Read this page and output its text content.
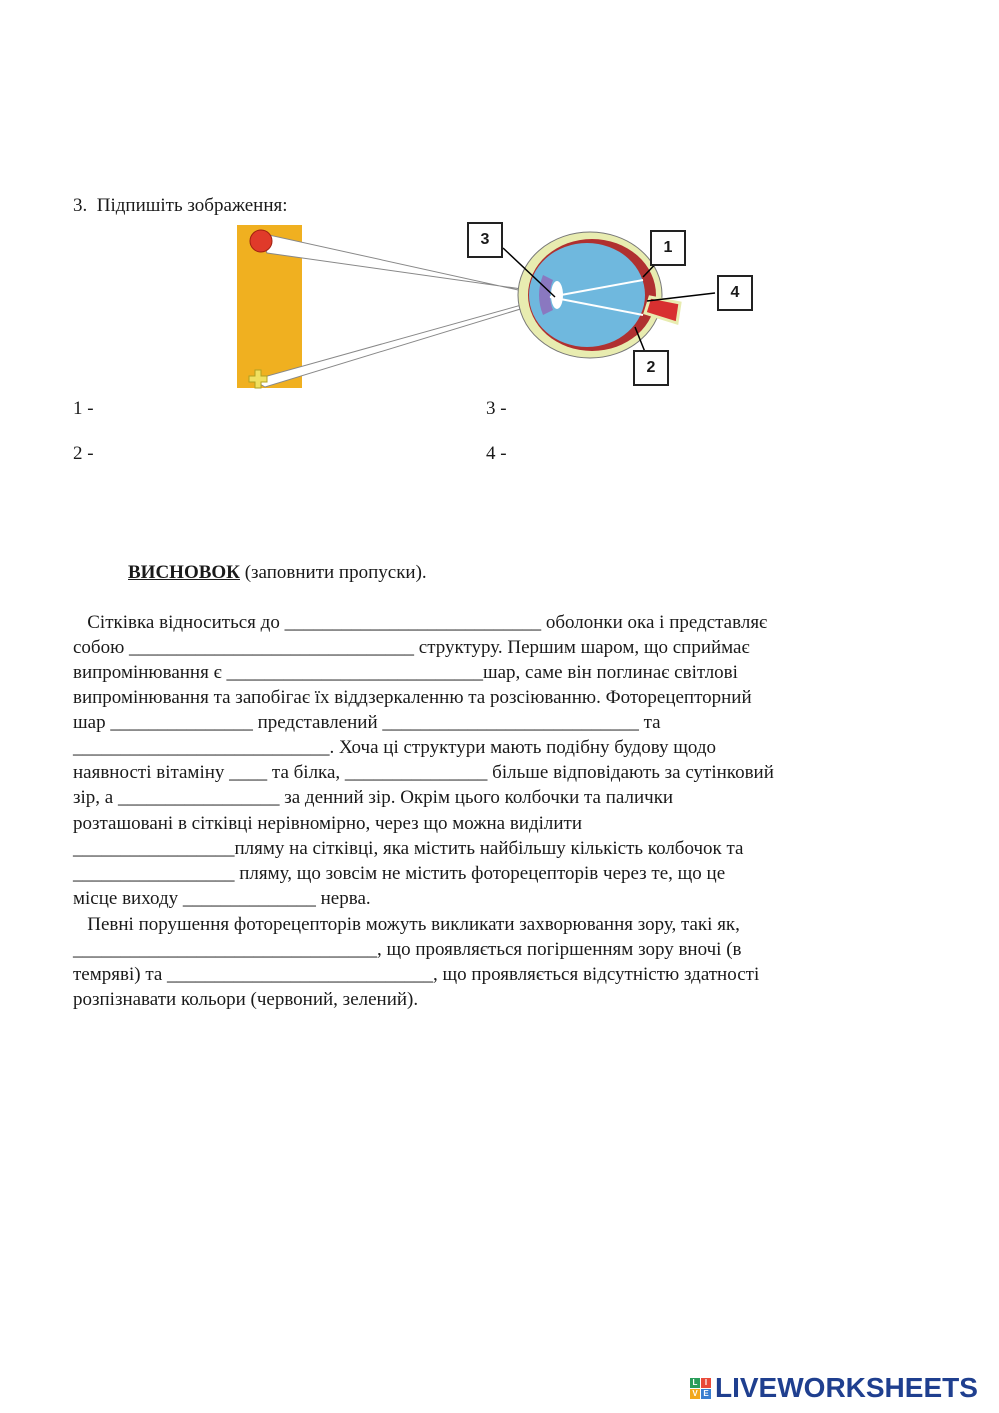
3.  Підпишіть зображення:
3	1
4
2
1 -
2 -
3 -
4 -
ВИСНОВОК (заповнити пропуски).
Сітківка відноситься до ___________________________ оболонки ока і представляє
собою ______________________________ структуру. Першим шаром, що сприймає
випромінювання є ___________________________шар, саме він поглинає світлові
випромінювання та запобігає їх віддзеркаленню та розсіюванню. Фоторецепторний
шар _______________ представлений ___________________________ та
___________________________. Хоча ці структури мають подібну будову щодо
наявності вітаміну ____ та білка, _______________ більше відповідають за сутінковий
зір, а _________________ за денний зір. Окрім цього колбочки та палички
розташовані в сітківці нерівномірно, через що можна виділити
_________________пляму на сітківці, яка містить найбільшу кількість колбочок та
_________________ пляму, що зовсім не містить фоторецепторів через те, що це
місце виходу ______________ нерва.
Певні порушення фоторецепторів можуть викликати захворювання зору, такі як,
________________________________, що проявляється погіршенням зору вночі (в
темряві) та ____________________________, що проявляється відсутністю здатності
розпізнавати кольори (червоний, зелений).
L I
V E LIVEWORKSHEETS
